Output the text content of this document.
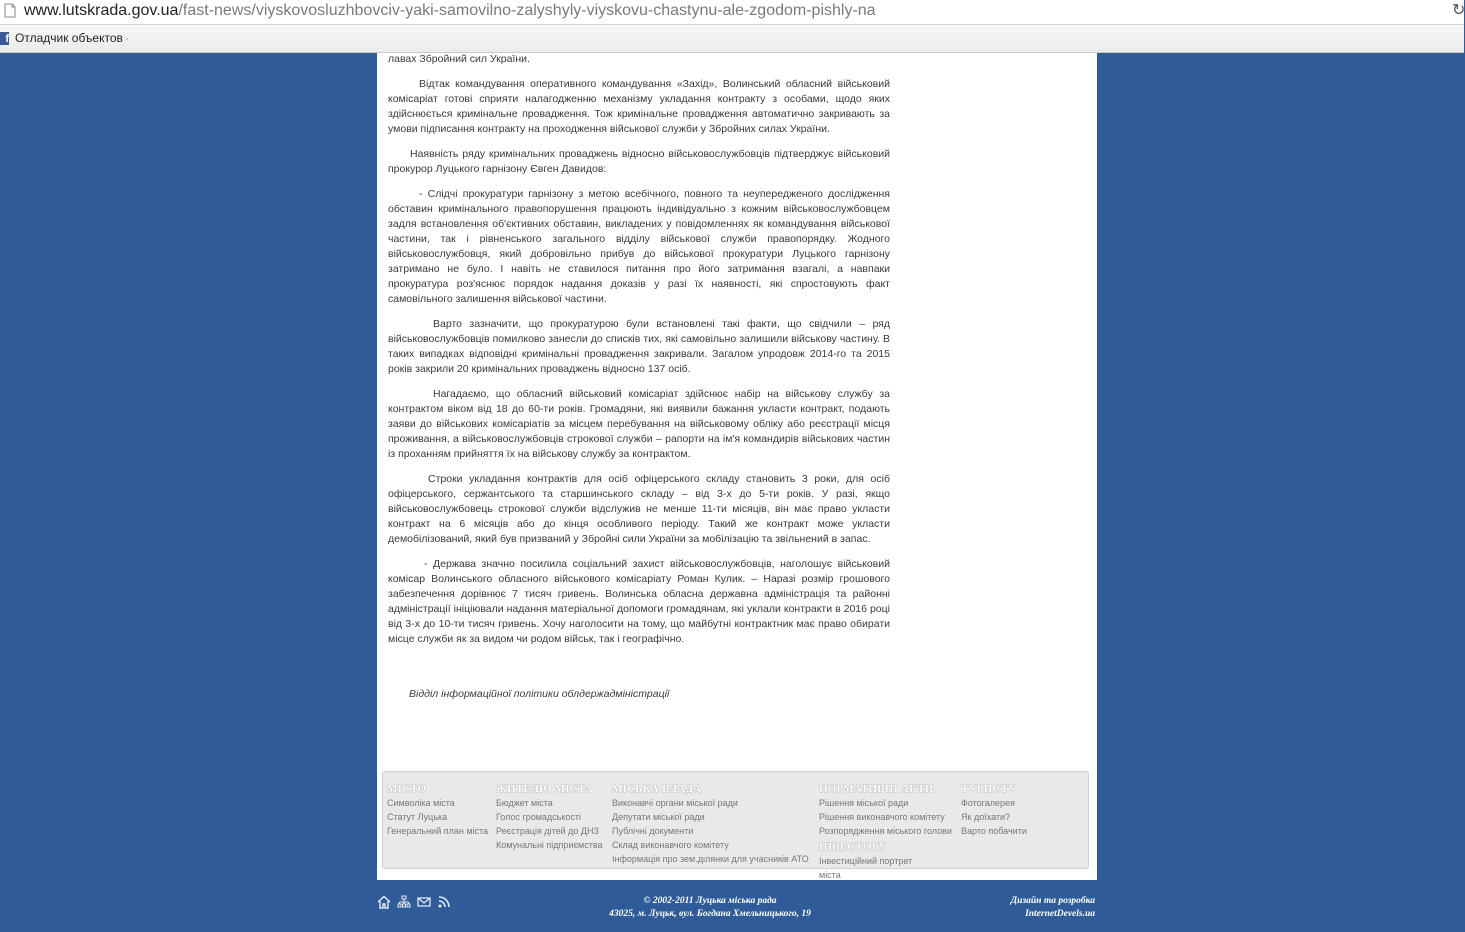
www.lutskrada.gov.ua/fast-news/viyskovosluzhbovciv-yaki-samovilno-zalyshyly-viyskovu-chastynu-ale-zgodom-pishly-na	↻
f Отладчик объектов ·

лавах Збройний сил України.

Відтак командування оперативного командування «Захід», Волинський обласний військовий комісаріат готові сприяти налагодженню механізму укладання контракту з особами, щодо яких здійснюється кримінальне провадження. Тож кримінальне провадження автоматично закривають за умови підписання контракту на проходження військової служби у Збройних силах України.

Наявність ряду кримінальних проваджень відносно військовослужбовців підтверджує військовий прокурор Луцького гарнізону Євген Давидов:

- Слідчі прокуратури гарнізону з метою всебічного, повного та неупередженого дослідження обставин кримінального правопорушення працюють індивідуально з кожним військовослужбовцем задля встановлення об'єктивних обставин, викладених у повідомленнях як командування військової частини, так і рівненського загального відділу військової служби правопорядку. Жодного військовослужбовця, який добровільно прибув до військової прокуратури Луцького гарнізону затримано не було. І навіть не ставилося питання про його затримання взагалі, а навпаки прокуратура роз'яснює порядок надання доказів у разі їх наявності, які спростовують факт самовільного залишення військової частини.

Варто зазначити, що прокуратурою були встановлені такі факти, що свідчили – ряд військовослужбовців помилково занесли до списків тих, які самовільно залишили військову частину. В таких випадках відповідні кримінальні провадження закривали. Загалом упродовж 2014-го та 2015 років закрили 20 кримінальних проваджень відносно 137 осіб.

Нагадаємо, що обласний військовий комісаріат здійснює набір на військову службу за контрактом віком від 18 до 60-ти років. Громадяни, які виявили бажання укласти контракт, подають заяви до військових комісаріатів за місцем перебування на військовому обліку або реєстрації місця проживання, а військовослужбовців строкової служби – рапорти на ім'я командирів військових частин із проханням прийняття їх на військову службу за контрактом.

Строки укладання контрактів для осіб офіцерського складу становить 3 роки, для осіб офіцерського, сержантського та старшинського складу – від 3-х до 5-ти років. У разі, якщо військовослужбовець строкової служби відслужив не менше 11-ти місяців, він має право укласти контракт на 6 місяців або до кінця особливого періоду. Такий же контракт може укласти демобілізований, який був призваний у Збройні сили України за мобілізацію та звільнений в запас.

- Держава значно посилила соціальний захист військовослужбовців, наголошує військовий комісар Волинського обласного військового комісаріату Роман Кулик. – Наразі розмір грошового забезпечення дорівнює 7 тисяч гривень. Волинська обласна державна адміністрація та районні адміністрації ініціювали надання матеріальної допомоги громадянам, які уклали контракти в 2016 році від 3-х до 10-ти тисяч гривень. Хочу наголосити на тому, що майбутні контрактник має право обирати місце служби як за видом чи родом військ, так і географічно.

Відділ інформаційної політики облдержадміністрації
МІСТО
Символіка міста
Статут Луцька
Генеральний план міста
ЖИТЕЛЮ МІСТА
Бюджет міста
Голос громадськості
Реєстрація дітей до ДНЗ
Комунальні підприємства
МІСЬКА ВЛАДА
Виконавчі органи міської ради
Депутати міської ради
Публічні документи
Склад виконавчого комітету
Інформація про зем.ділянки для учасників АТО
НОРМАТИВНІ АКТИ
Рішення міської ради
Рішення виконавчого комітету
Розпорядження міського голови
ІНВЕСТОРУ
Інвестиційний портрет
міста
ТУРИСТУ
Фотогалерея
Як доїхати?
Варто побачити
© 2002-2011 Луцька міська рада
43025, м. Луцьк, вул. Богдана Хмельницького, 19
Дизайн та розробка
InternetDevels.ua
